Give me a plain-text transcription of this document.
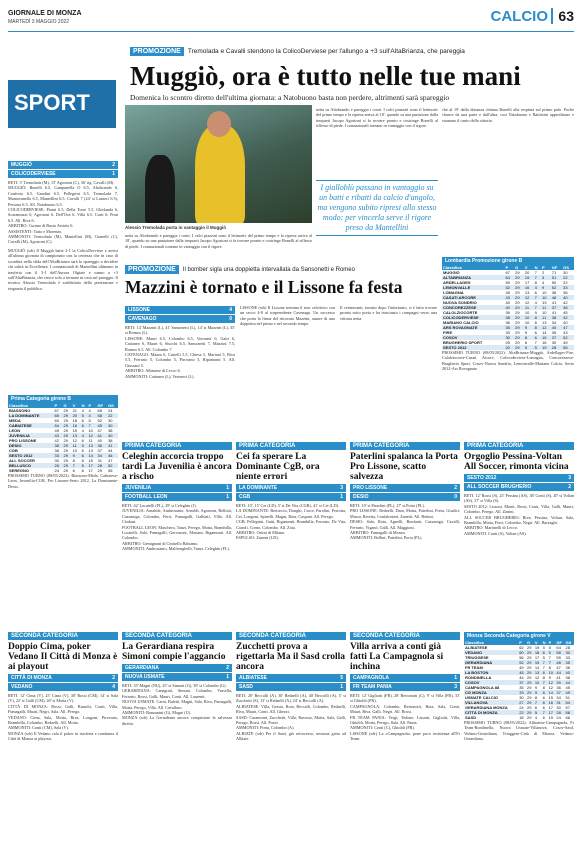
GIORNALE DI MONZA
MARTEDÌ 3 MAGGIO 2022	CALCIO 63
SPORT
PROMOZIONE Tremolada e Cavalli stendono la ColicoDerviese per l'allungo a +3 sull'AltaBrianza, che pareggia
Muggiò, ora è tutto nelle tue mani
Domenica lo scontro diretto dell'ultima giornata: a Natobuono basta non perdere, altrimenti sarà spareggio
MUGGIÒ	2
COLICODERVIESE	1
RETI: 3' Tremolada (M), 15' Agostoni (C), 36' rig. Cavalli (M).
MUGGIÒ: Bonelli 6.5, Campanella O 6.5, Altobrando 6, Conforto 6.5, Gandini 6.5, Pellegrini 6.5, Tremolada 7, Mantovanella 6.5, Mantellini 6.5, Cavalli 7 (24' st Lazzeri 6.5), Persona 6.5. All. Natobuono 6.5.
COLICODERVIESE: Pianti 6.5, Della Torre 5.5, Ghirlanda 6, Scaramuzzi 6, Agostoni 6, Dell'Oca 6, Villa 6.5, Curti 6, Prati 6.5. All. Riva 6.
ARBITRO: Cuomo di Busto Arsizio 6.
ASSISTENTI: Tatto e Morenzo.
AMMONITI: Tremolada (M), Mantellini (M), Granelli (C), Cavalli (M), Agostoni (C).
MUGGIÒ (sdr) Il Muggiò batte 2-1 la ColicoDerviese e arriva all'ultima giornata di campionato con la certezza che in caso di sconfitta nella sfida dell'AltaBrianza sarà lo spareggio a decidere chi salirà in Eccellenza. I connazionali di Mantellini ultimano in trasferta con il 3-1 dell'Aurora Olgiate e vanno a +3 sull'AltaBrianza, che riesce solo a fermare in casa sul pareggio. Il tecnico Alessio Tremolada è soddisfatto della prestazione e ringrazia il pubblico.
Alessio Tremolada porta in vantaggio il Muggiò
netta su Altobrando e pareggia i conti. I calci piazzati sono il leitmotiv del primo tempo e la ripresa arriva al 18', quando su una punizione dalla trequarti Jacopo Agostoni si fa trovare pronto e costringe Bonelli al riflesso di piede. I connazionali tornano in vantaggio con il rigore.
netta su Altobrando e pareggia i conti. I calci piazzati sono il leitmotiv del primo tempo e la ripresa arriva al 18', quando su una punizione dalla trequarti Jacopo Agostoni si fa trovare pronto e costringe Bonelli al riflesso di piede. I connazionali tornano in vantaggio con il rigore.
che al 19' dalla distanza chiama Bonelli alla respinta sul primo palo. Poche chance da una parte e dall'altra, così Natobuono e Battistini approfittano e suonano il canto della vittoria.
I gialloblù passano in vantaggio su un batti e ribatti da calcio d'angolo, ma vengono subito ripresi allo stesso modo: per vincerla serve il rigore preso da Mantellini
Lombardia Promozione girone B
Classifica	P	G	V	N	P	GF	GS
MUGGIÒ	67	29	20	7	2	71	30
ALTABRIANZA	64	29	19	7	3	51	22
ARDELLAGES	59	29	17	8	4	50	22
LEMONVALLE	52	29	16	4	9	52	33
LOMAGNA	45	29	13	6	10	36	36
CASATI ARCORE	43	29	12	7	10	48	40
NUOVA SONDRIO	40	29	12	4	13	41	42
CONCOREZZESE	40	29	11	7	11	37	36
CALOLZIOCORTE	39	29	10	9	10	41	45
COLICODERVIESE	38	29	10	8	11	38	42
MARIANO CALCIO	36	29	10	6	13	34	40
ARS ROVAGNATE	35	29	9	8	12	40	47
FIRE	33	29	9	6	14	35	43
COSOV	30	29	8	6	15	37	52
BRUGHERIO SPORT	25	29	6	7	16	30	49
SESTO 2012	20	29	5	5	19	28	55
PROSSIMO TURNO (08/05/2022): AltaBrianza-Muggiò, Ardellages-Fire, Calolziocorte-Casati Arcore, Colicoderviese-Lomagna, Concorezzese-Brugherio Sport, Cosov-Nuova Sondrio, Lemonvalle-Mariano Calcio, Sesto 2012-Ars Rovagnate.
PROMOZIONE Il bomber sigla una doppietta intervallata da Sansonetti e Romeo
Mazzini è tornato e il Lissone fa festa
LISSONE	4
CAVENAGO	0
RETI: 14' Mazzini (L), 41' Sansonetti (L), 14' st Mazzini (L), 35' st Romeo (L).
LISSONE: Mauri 6.5, Colombo 6.5, Veronesi 6, Gatti 6, Cattaneo 6, Mauri 6, Stucchi 6.5, Sansonetti 7, Mazzini 7.5, Romeo 6.5. All. Colombo 7.
CAVENAGO: Mazza 6, Castelli 5.5, Chiesa 5, Mariani 5, Riva 5.5, Ferrario 5, Colombo 5, Pirovano 5, Ripamonti 5. All. Giussani 5.
ARBITRO: Albanese di Lecco 6.
AMMONITI: Cattaneo (L), Veronesi (L).
LISSONE (sdr) Il Lissone termina il tour calcistico con un secco 4-0 al sorprendente Cavenago. Un successo che porta la firma del ritrovato Mazzini, autore di una doppietta nel primo e nel secondo tempo.
Il centravanti, tornato dopo l'infortunio, si è fatto trovare pronto sotto porta e ha trascinato i compagni verso una vittoria netta.
Prima Categoria girone B
Classifica	P	G	V	N	P	GF	GS
BIASSONO	67	29	21	4	4	65	24
LA DOMINANTE	65	29	20	5	4	58	22
MEDA	60	29	18	6	5	52	30
CABIATESE	54	29	16	6	7	45	30
LEON	49	29	15	4	10	47	38
JUVENILIA	43	29	13	4	12	41	40
PRO LISSONE	42	29	12	6	11	40	38
DESIO	38	29	11	5	13	36	41
CGB	36	29	10	6	13	37	44
SESTO 2012	33	29	9	6	14	34	46
ALL SOCCER	30	29	8	6	15	31	47
BELLUSCO	26	29	7	5	17	28	52
SEREGNO	24	29	6	6	17	29	55
PROSSIMO TURNO (08/05/2022): Biassono-Meda, Cabiatese-Leon, Juvenilia-CGB, Pro Lissone-Sesto 2012, La Dominante-Desio.
PRIMA CATEGORIA
Celeghin accorcia troppo tardi La Juvenilia è ancora a rischo
JUVENILIA	1
FOOTBALL LEON	1
RETI: 42' Locatelli (FL), 29' st Celeghin (J).
JUVENILIA: Arnabile, Ambrosanio, Arnoldi, Agostoni, Bellotti, Cazzaniga, Colombo, Ferri, Fumagalli, Galbiati, Villa. All. Ciodani.
FOOTBALL LEON: Maschera, Tanzi, Perego, Motta, Brambilla, Locatelli, Sala, Fumagalli, Gervasoni, Mariani, Rigamonti. All. Colombo.
ARBITRO: Gemignani di Cinisello Balsamo.
AMMONITI: Ambrosanio, Malfrenghelli, Tanzi, Celeghin (FL).
PRIMA CATEGORIA
Cei fa sperare La Dominante CgB, ora niente errori
LA DOMINANTE	3
CGB	1
RETI: 10', 15' Cei (LD), 5' st De Vita (CGB), 41' st Cei (LD).
LA DOMINANTE: Bertuccio, Donghi, Croce, Parolini, Perrotta, Cei, Longoni, Spinelli, Magni, Rota, Caspani. All. Perego.
CGB: Pellegrini, Gatti, Rigamonti, Brambilla, Ferrario, De Vita, Cairoli, Corno, Colombo. All. Zoia.
ARBITRO: Ostini di Milano.
ESPULSO: Zanoni (LD).
PRIMA CATEGORIA
Paterlini spalanca la Porta Pro Lissone, scatto salvezza
PRO LISSONE	2
DESIO	0
RETI: 10' st Paterlini (PL), 27' st Porta (PL).
PRO LISSONE: Redaelli, Dam, Motta, Paterlini, Porta, Giudici, Massa, Beretta, Confalonieri, Zanetti. All. Bettini.
DESIO: Sala, Rota, Agnelli, Bonfanti, Cazzaniga, Cavalli, Ferrario, Viganò, Galli. All. Maggioni.
ARBITRO: Fumagalli di Monza.
AMMONITI: Bellini, Paterlini, Porta (PL).
PRIMA CATEGORIA
Orgoglio Pessina-Voltan All Soccer, rimonta vicina
SESTO 2012	3
ALL SOCCER BRUGHERIO	2
RETI: 12' Rossi (S), 25' Pessina (AS), 38' Conti (S), 20' st Voltan (AS), 37' st Villa (S).
SESTO 2012: Lissoni, Monti, Rossi, Conti, Villa, Galli, Mauri, Colombo, Perego. All. Zanini.
ALL SOCCER BRUGHERIO: Riva, Pessina, Voltan, Sala, Brambilla, Motta, Ferri, Colombo, Negri. All. Barzaghi.
ARBITRO: Martinelli di Lecco.
AMMONITI: Conti (S), Voltan (AS).
SECONDA CATEGORIA
Doppio Cima, poker Vedano Il Città di Monza è ai playout
CITTÀ DI MONZA	2
VEDANO	4
RETI: 12' Cima (V), 25' Cima (V), 30' Rossi (CM), 14' st Sala (V), 22' st Galli (CM), 40' st Motta (V).
CITTÀ DI MONZA: Rossi, Galli, Bianchi, Conti, Villa, Fumagalli, Mauri, Negri, Sala. All. Perego.
VEDANO: Cima, Sala, Motta, Riva, Longoni, Pirovano, Brambilla, Colombo, Redaelli. All. Motta.
AMMONITI: Conti (CM), Sala (V).
MONZA (sdr) Il Vedano cala il poker in trasferta e condanna il Città di Monza ai playout.
SECONDA CATEGORIA
La Gerardiana respira Simoni compie l'aggancio
GERARDIANA	2
NUOVA USMATE	1
RETI: 35' Magni (NU), 25' st Simoni (G), 38' st Colombo (G).
GERARDIANA: Canegrati, Simoni, Colombo, Vassella, Ferrario, Rossi, Galli, Mauri, Conti. All. Laurenti.
NUOVA USMATE: Carni, Baletti, Magni, Sala, Riva, Fumagalli, Motta, Perego, Villa. All. Cavallaro.
AMMONITI: Bonzanini (G), Magni (U).
MONZA (sdr) La Gerardiana ancora conquistare la salvezza diretta.
SECONDA CATEGORIA
Zucchetti prova a rigettarla Ma il Sasd crolla ancora
ALBIATESE	5
SASD	1
RETI: 20' Beccalli (A), 30' Redaelli (A), 40' Beccalli (A), 5' st Zucchetti (S), 13' st Redaelli (A), 24' st Beccalli (A).
ALBIATESE: Villa, Gessia, Rota, Beccalli, Colombo, Redaelli, Riva, Mauri, Conti. All. Ghezzi.
SASD: Caramonti, Zucchetti, Villa, Ravasio, Motta, Sala, Galli, Perego, Rossi. All. Pozzi.
AMMONITI: Pomi, Colombo (A).
ALBIATE (sdr) Per il Sasd, già retrocesso, nessuna gioia ad Albiate.
SECONDA CATEGORIA
Villa arriva a conti già fatti La Campagnola si inchina
CAMPAGNOLA	1
FR TEAM PANIA	3
RETI: 12' Gigliotti (FR), 28' Bertonotti (C), 9' st Villa (FR), 33' st Ghioldi (FR).
CAMPAGNOLA: Colombo, Bertonotti, Rota, Sala, Conti, Mauri, Riva, Galli, Negri. All. Rossi.
FR TEAM PANIA: Vergi, Tedone, Lissoni, Gigliotti, Villa, Ghioldi, Motta, Perego, Sala. All. Pania.
AMMONITI: Conti (C), Ghioldi (FR).
LISSONE (sdr) La «Campagnola» pone poco resistenza all'Fr Team.
Monza Seconda Categoria girone V
Classifica	P	G	V	N	P	GF	GS
ALBIATESE	62	29	19	5	5	64	28
VEDANO	60	29	18	6	5	58	30
TRIUGGESE	56	29	17	5	7	55	33
GERARDIANA	52	29	15	7	7	48	35
FR TEAM	49	29	14	7	8	47	36
LA BOSTON	45	29	13	6	10	44	40
RONDINELLA	44	29	12	8	9	41	38
COSOV	37	29	10	7	12	39	44
CAMPAGNOLA 88	35	29	9	8	12	36	45
CG MONZA	33	29	9	6	14	37	49
USMATE CALCIO	30	29	8	6	15	34	51
VILLANOVA	27	29	7	6	16	31	54
GERARDIANA MONZA	24	29	6	6	17	30	57
CITTÀ DI MONZA	22	29	5	7	17	28	58
SASD	18	29	4	6	19	24	66
PROSSIMO TURNO (08/05/2022): Albiatese-Campagnola, Fr Team-Rondinella, Nuova Usmate-Villanova, Cosov-Sasd, Vedano-Gerardiana, Triuggese-Città di Monza, Vedano-Gerardiana.
